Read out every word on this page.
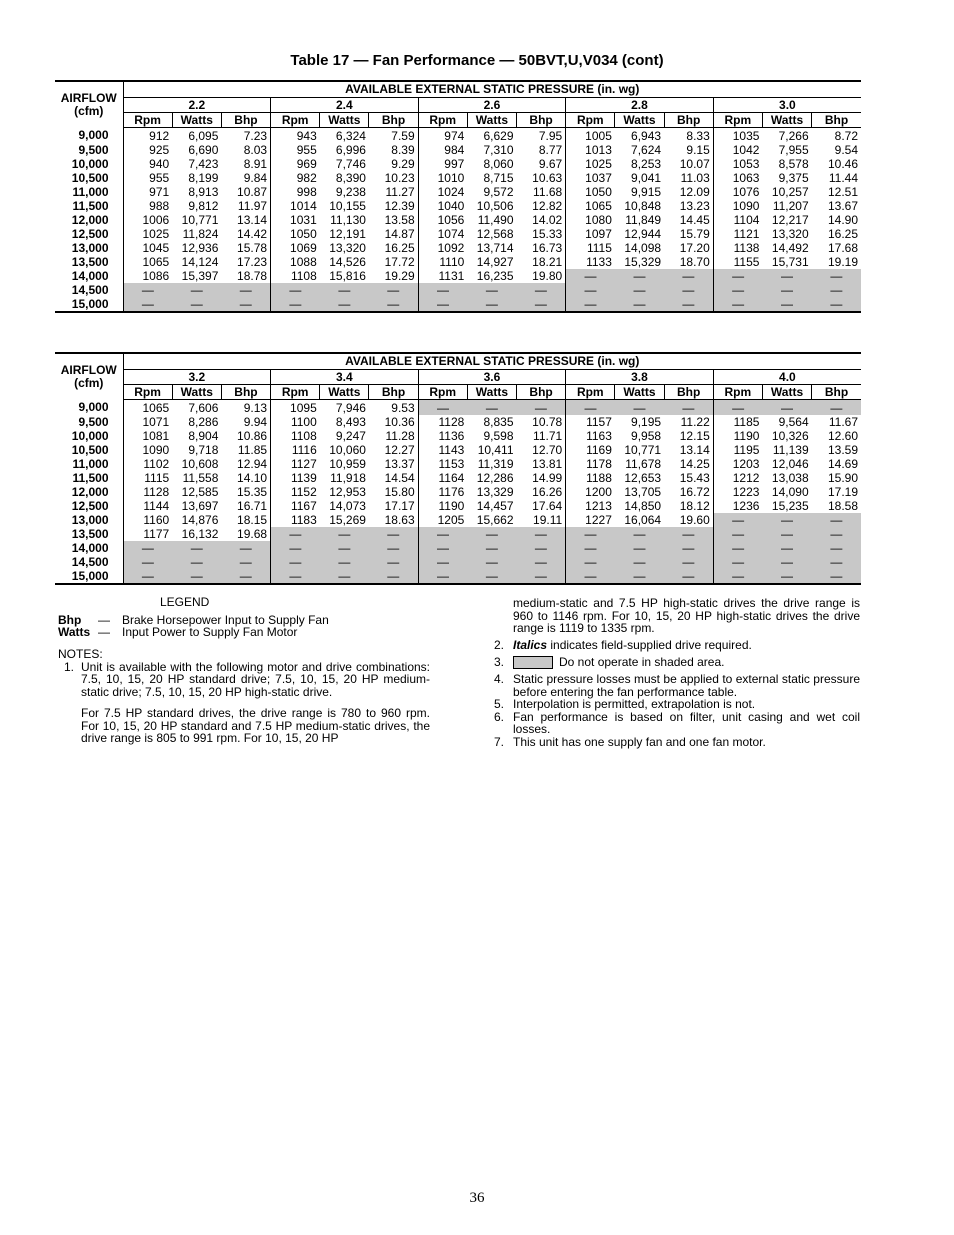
Table 17 — Fan Performance — 50BVT,U,V034 (cont)
AIRFLOW
(cfm)	AVAILABLE EXTERNAL STATIC PRESSURE (in. wg)														
	2.2			2.4			2.6			2.8			3.0		
	Rpm	Watts	Bhp	Rpm	Watts	Bhp	Rpm	Watts	Bhp	Rpm	Watts	Bhp	Rpm	Watts	Bhp
9,000	912	6,095	7.23	943	6,324	7.59	974	6,629	7.95	1005	6,943	8.33	1035	7,266	8.72
9,500	925	6,690	8.03	955	6,996	8.39	984	7,310	8.77	1013	7,624	9.15	1042	7,955	9.54
10,000	940	7,423	8.91	969	7,746	9.29	997	8,060	9.67	1025	8,253	10.07	1053	8,578	10.46
10,500	955	8,199	9.84	982	8,390	10.23	1010	8,715	10.63	1037	9,041	11.03	1063	9,375	11.44
11,000	971	8,913	10.87	998	9,238	11.27	1024	9,572	11.68	1050	9,915	12.09	1076	10,257	12.51
11,500	988	9,812	11.97	1014	10,155	12.39	1040	10,506	12.82	1065	10,848	13.23	1090	11,207	13.67
12,000	1006	10,771	13.14	1031	11,130	13.58	1056	11,490	14.02	1080	11,849	14.45	1104	12,217	14.90
12,500	1025	11,824	14.42	1050	12,191	14.87	1074	12,568	15.33	1097	12,944	15.79	1121	13,320	16.25
13,000	1045	12,936	15.78	1069	13,320	16.25	1092	13,714	16.73	1115	14,098	17.20	1138	14,492	17.68
13,500	1065	14,124	17.23	1088	14,526	17.72	1110	14,927	18.21	1133	15,329	18.70	1155	15,731	19.19
14,000	1086	15,397	18.78	1108	15,816	19.29	1131	16,235	19.80	—	—	—	—	—	—
14,500	—	—	—	—	—	—	—	—	—	—	—	—	—	—	—
15,000	—	—	—	—	—	—	—	—	—	—	—	—	—	—	—
AIRFLOW
(cfm)	AVAILABLE EXTERNAL STATIC PRESSURE (in. wg)														
	3.2			3.4			3.6			3.8			4.0		
	Rpm	Watts	Bhp	Rpm	Watts	Bhp	Rpm	Watts	Bhp	Rpm	Watts	Bhp	Rpm	Watts	Bhp
9,000	1065	7,606	9.13	1095	7,946	9.53	—	—	—	—	—	—	—	—	—
9,500	1071	8,286	9.94	1100	8,493	10.36	1128	8,835	10.78	1157	9,195	11.22	1185	9,564	11.67
10,000	1081	8,904	10.86	1108	9,247	11.28	1136	9,598	11.71	1163	9,958	12.15	1190	10,326	12.60
10,500	1090	9,718	11.85	1116	10,060	12.27	1143	10,411	12.70	1169	10,771	13.14	1195	11,139	13.59
11,000	1102	10,608	12.94	1127	10,959	13.37	1153	11,319	13.81	1178	11,678	14.25	1203	12,046	14.69
11,500	1115	11,558	14.10	1139	11,918	14.54	1164	12,286	14.99	1188	12,653	15.43	1212	13,038	15.90
12,000	1128	12,585	15.35	1152	12,953	15.80	1176	13,329	16.26	1200	13,705	16.72	1223	14,090	17.19
12,500	1144	13,697	16.71	1167	14,073	17.17	1190	14,457	17.64	1213	14,850	18.12	1236	15,235	18.58
13,000	1160	14,876	18.15	1183	15,269	18.63	1205	15,662	19.11	1227	16,064	19.60	—	—	—
13,500	1177	16,132	19.68	—	—	—	—	—	—	—	—	—	—	—	—
14,000	—	—	—	—	—	—	—	—	—	—	—	—	—	—	—
14,500	—	—	—	—	—	—	—	—	—	—	—	—	—	—	—
15,000	—	—	—	—	—	—	—	—	—	—	—	—	—	—	—
LEGEND
Bhp — Brake Horsepower Input to Supply Fan
Watts — Input Power to Supply Fan Motor

NOTES:

1. Unit is available with the following motor and drive combinations: 7.5, 10, 15, 20 HP standard drive; 7.5, 10, 15, 20 HP medium-static drive; 7.5, 10, 15, 20 HP high-static drive.

For 7.5 HP standard drives, the drive range is 780 to 960 rpm. For 10, 15, 20 HP standard and 7.5 HP medium-static drives, the drive range is 805 to 991 rpm. For 10, 15, 20 HP

medium-static and 7.5 HP high-static drives the drive range is 960 to 1146 rpm. For 10, 15, 20 HP high-static drives the drive range is 1119 to 1335 rpm.

2. Italics indicates field-supplied drive required.
3.	Do not operate in shaded area.
4. Static pressure losses must be applied to external static pressure before entering the fan performance table.
5. Interpolation is permitted, extrapolation is not.
6. Fan performance is based on filter, unit casing and wet coil losses.
7. This unit has one supply fan and one fan motor.
36
